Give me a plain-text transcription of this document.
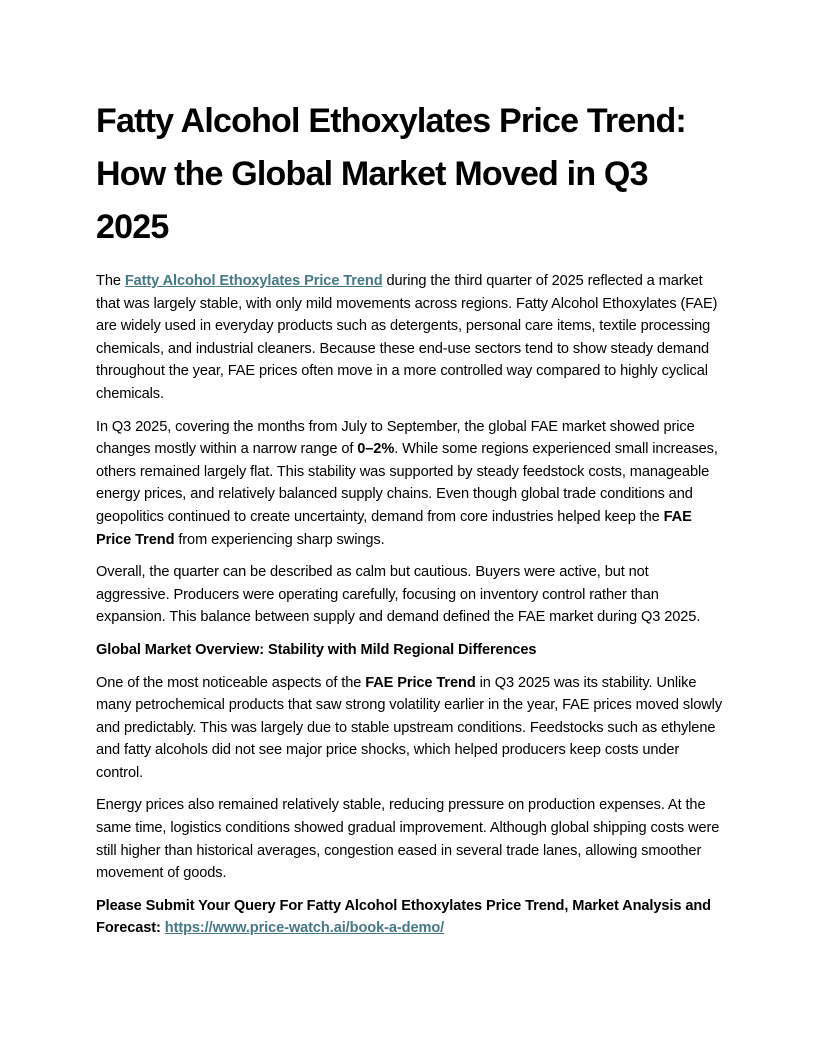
Fatty Alcohol Ethoxylates Price Trend: How the Global Market Moved in Q3 2025

The Fatty Alcohol Ethoxylates Price Trend during the third quarter of 2025 reflected a market that was largely stable, with only mild movements across regions. Fatty Alcohol Ethoxylates (FAE) are widely used in everyday products such as detergents, personal care items, textile processing chemicals, and industrial cleaners. Because these end-use sectors tend to show steady demand throughout the year, FAE prices often move in a more controlled way compared to highly cyclical chemicals.

In Q3 2025, covering the months from July to September, the global FAE market showed price changes mostly within a narrow range of 0–2%. While some regions experienced small increases, others remained largely flat. This stability was supported by steady feedstock costs, manageable energy prices, and relatively balanced supply chains. Even though global trade conditions and geopolitics continued to create uncertainty, demand from core industries helped keep the FAE Price Trend from experiencing sharp swings.

Overall, the quarter can be described as calm but cautious. Buyers were active, but not aggressive. Producers were operating carefully, focusing on inventory control rather than expansion. This balance between supply and demand defined the FAE market during Q3 2025.

Global Market Overview: Stability with Mild Regional Differences

One of the most noticeable aspects of the FAE Price Trend in Q3 2025 was its stability. Unlike many petrochemical products that saw strong volatility earlier in the year, FAE prices moved slowly and predictably. This was largely due to stable upstream conditions. Feedstocks such as ethylene and fatty alcohols did not see major price shocks, which helped producers keep costs under control.

Energy prices also remained relatively stable, reducing pressure on production expenses. At the same time, logistics conditions showed gradual improvement. Although global shipping costs were still higher than historical averages, congestion eased in several trade lanes, allowing smoother movement of goods.

Please Submit Your Query For Fatty Alcohol Ethoxylates Price Trend, Market Analysis and Forecast: https://www.price-watch.ai/book-a-demo/
